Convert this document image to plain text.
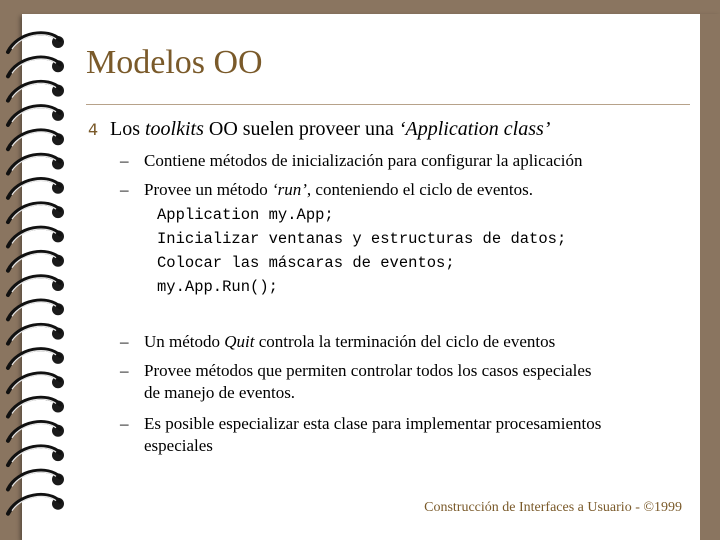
Modelos OO
4 Los toolkits OO suelen proveer una ‘Application class’
– Contiene métodos de inicialización para configurar la aplicación
– Provee un método ‘run’, conteniendo el ciclo de eventos.
Application my.App;
Inicializar ventanas y estructuras de datos;
Colocar las máscaras de eventos;
my.App.Run();
– Un método Quit controla la terminación del ciclo de eventos
– Provee métodos que permiten controlar todos los casos especiales
de manejo de eventos.
– Es posible especializar esta clase para implementar procesamientos
especiales
Construcción de Interfaces a Usuario - ©1999
